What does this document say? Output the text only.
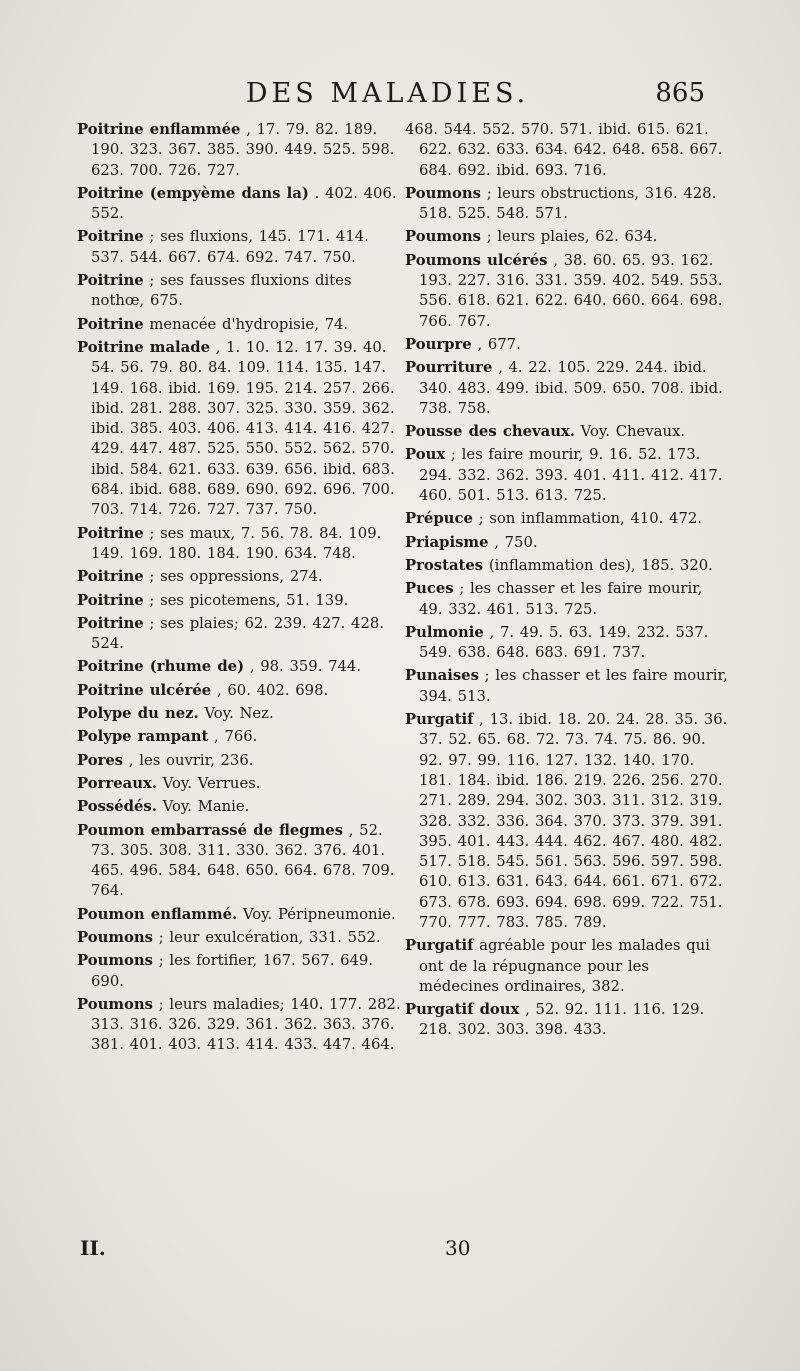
DES MALADIES.	865

Poitrine enflammée , 17. 79. 82. 189. 190. 323. 367. 385. 390. 449. 525. 598. 623. 700. 726. 727.

Poitrine (empyème dans la) . 402. 406. 552.

Poitrine ; ses fluxions, 145. 171. 414. 537. 544. 667. 674. 692. 747. 750.

Poitrine ; ses fausses fluxions dites nothœ, 675.

Poitrine menacée d'hydropisie, 74.

Poitrine malade , 1. 10. 12. 17. 39. 40. 54. 56. 79. 80. 84. 109. 114. 135. 147. 149. 168. ibid. 169. 195. 214. 257. 266. ibid. 281. 288. 307. 325. 330. 359. 362. ibid. 385. 403. 406. 413. 414. 416. 427. 429. 447. 487. 525. 550. 552. 562. 570. ibid. 584. 621. 633. 639. 656. ibid. 683. 684. ibid. 688. 689. 690. 692. 696. 700. 703. 714. 726. 727. 737. 750.

Poitrine ; ses maux, 7. 56. 78. 84. 109. 149. 169. 180. 184. 190. 634. 748.

Poitrine ; ses oppressions, 274.

Poitrine ; ses picotemens, 51. 139.

Poitrine ; ses plaies; 62. 239. 427. 428. 524.

Poitrine (rhume de) , 98. 359. 744.

Poitrine ulcérée , 60. 402. 698.

Polype du nez. Voy. Nez.

Polype rampant , 766.

Pores , les ouvrir, 236.

Porreaux. Voy. Verrues.

Possédés. Voy. Manie.

Poumon embarrassé de flegmes , 52. 73. 305. 308. 311. 330. 362. 376. 401. 465. 496. 584. 648. 650. 664. 678. 709. 764.

Poumon enflammé. Voy. Péripneumonie.

Poumons ; leur exulcération, 331. 552.

Poumons ; les fortifier, 167. 567. 649. 690.

Poumons ; leurs maladies; 140. 177. 282. 313. 316. 326. 329. 361. 362. 363. 376. 381. 401. 403. 413. 414. 433. 447. 464.

468. 544. 552. 570. 571. ibid. 615. 621. 622. 632. 633. 634. 642. 648. 658. 667. 684. 692. ibid. 693. 716.

Poumons ; leurs obstructions, 316. 428. 518. 525. 548. 571.

Poumons ; leurs plaies, 62. 634.

Poumons ulcérés , 38. 60. 65. 93. 162. 193. 227. 316. 331. 359. 402. 549. 553. 556. 618. 621. 622. 640. 660. 664. 698. 766. 767.

Pourpre , 677.

Pourriture , 4. 22. 105. 229. 244. ibid. 340. 483. 499. ibid. 509. 650. 708. ibid. 738. 758.

Pousse des chevaux. Voy. Chevaux.

Poux ; les faire mourir, 9. 16. 52. 173. 294. 332. 362. 393. 401. 411. 412. 417. 460. 501. 513. 613. 725.

Prépuce ; son inflammation, 410. 472.

Priapisme , 750.

Prostates (inflammation des), 185. 320.

Puces ; les chasser et les faire mourir, 49. 332. 461. 513. 725.

Pulmonie , 7. 49. 5. 63. 149. 232. 537. 549. 638. 648. 683. 691. 737.

Punaises ; les chasser et les faire mourir, 394. 513.

Purgatif , 13. ibid. 18. 20. 24. 28. 35. 36. 37. 52. 65. 68. 72. 73. 74. 75. 86. 90. 92. 97. 99. 116. 127. 132. 140. 170. 181. 184. ibid. 186. 219. 226. 256. 270. 271. 289. 294. 302. 303. 311. 312. 319. 328. 332. 336. 364. 370. 373. 379. 391. 395. 401. 443. 444. 462. 467. 480. 482. 517. 518. 545. 561. 563. 596. 597. 598. 610. 613. 631. 643. 644. 661. 671. 672. 673. 678. 693. 694. 698. 699. 722. 751. 770. 777. 783. 785. 789.

Purgatif agréable pour les malades qui ont de la répugnance pour les médecines ordinaires, 382.

Purgatif doux , 52. 92. 111. 116. 129. 218. 302. 303. 398. 433.

II.	30
